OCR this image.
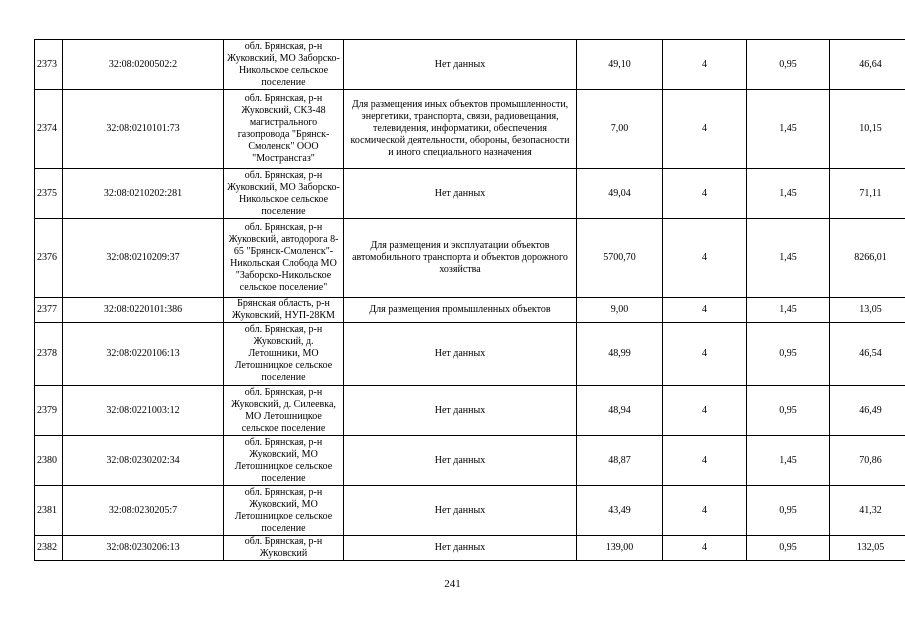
2373	32:08:0200502:2	обл. Брянская, р-н Жуковский, МО Заборско-Никольское сельское поселение	Нет данных	49,10	4	0,95	46,64
2374	32:08:0210101:73	обл. Брянская, р-н Жуковский, СКЗ-48 магистрального газопровода "Брянск-Смоленск" ООО "Мострансгаз"	Для размещения иных объектов промышленности, энергетики, транспорта, связи, радиовещания, телевидения, информатики, обеспечения космической деятельности, обороны, безопасности и иного специального назначения	7,00	4	1,45	10,15
2375	32:08:0210202:281	обл. Брянская, р-н Жуковский, МО Заборско-Никольское сельское поселение	Нет данных	49,04	4	1,45	71,11
2376	32:08:0210209:37	обл. Брянская, р-н Жуковский, автодорога 8-65 "Брянск-Смоленск"-Никольская Слобода МО "Заборско-Никольское сельское поселение"	Для размещения и эксплуатации объектов автомобильного транспорта и объектов дорожного хозяйства	5700,70	4	1,45	8266,01
2377	32:08:0220101:386	Брянская область, р-н Жуковский, НУП-28КМ	Для размещения промышленных объектов	9,00	4	1,45	13,05
2378	32:08:0220106:13	обл. Брянская, р-н Жуковский, д. Летошники, МО Летошницкое сельское поселение	Нет данных	48,99	4	0,95	46,54
2379	32:08:0221003:12	обл. Брянская, р-н Жуковский, д. Силеевка, МО Летошницкое сельское поселение	Нет данных	48,94	4	0,95	46,49
2380	32:08:0230202:34	обл. Брянская, р-н Жуковский, МО Летошницкое сельское поселение	Нет данных	48,87	4	1,45	70,86
2381	32:08:0230205:7	обл. Брянская, р-н Жуковский, МО Летошницкое сельское поселение	Нет данных	43,49	4	0,95	41,32
2382	32:08:0230206:13	обл. Брянская, р-н Жуковский	Нет данных	139,00	4	0,95	132,05
241
